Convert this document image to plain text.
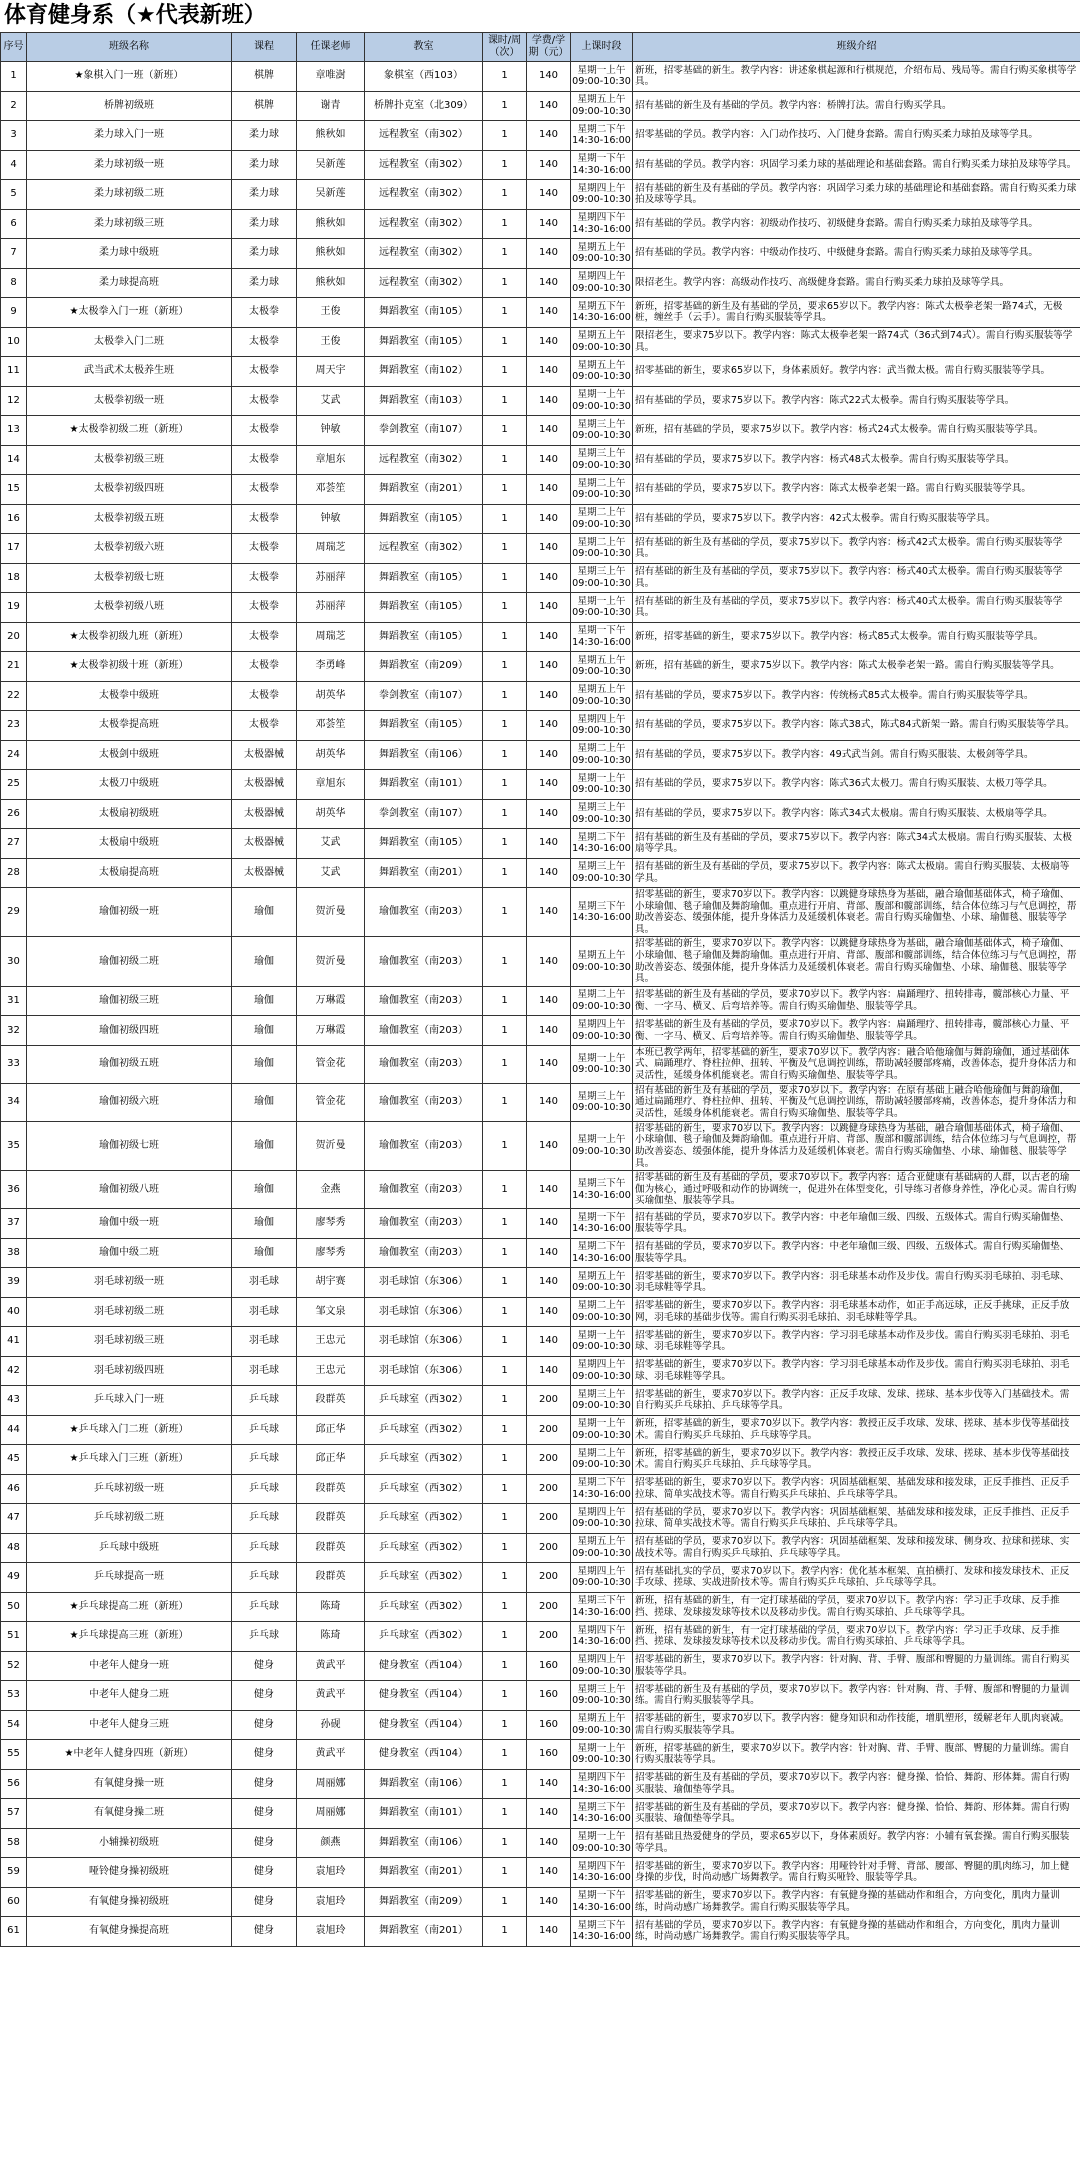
体育健身系（★代表新班）
序号	班级名称	课程	任课老师	教室	课时/周（次）	学费/学期（元）	上课时段	班级介绍
1	★象棋入门一班（新班）	棋牌	章唯澍	象棋室（西103）	1	140	星期一上午 09:00-10:30	新班，招零基础的新生。教学内容：讲述象棋起源和行棋规范，介绍布局、残局等。需自行购买象棋等学具。
2	桥牌初级班	棋牌	谢青	桥牌扑克室（北309）	1	140	星期五上午 09:00-10:30	招有基础的新生及有基础的学员。教学内容：桥牌打法。需自行购买学具。
3	柔力球入门一班	柔力球	熊秋如	远程教室（南302）	1	140	星期二下午 14:30-16:00	招零基础的学员。教学内容：入门动作技巧、入门健身套路。需自行购买柔力球拍及球等学具。
4	柔力球初级一班	柔力球	吴新莲	远程教室（南302）	1	140	星期一下午 14:30-16:00	招有基础的学员。教学内容：巩固学习柔力球的基础理论和基础套路。需自行购买柔力球拍及球等学具。
5	柔力球初级二班	柔力球	吴新莲	远程教室（南302）	1	140	星期四上午 09:00-10:30	招有基础的新生及有基础的学员。教学内容：巩固学习柔力球的基础理论和基础套路。需自行购买柔力球拍及球等学具。
6	柔力球初级三班	柔力球	熊秋如	远程教室（南302）	1	140	星期四下午 14:30-16:00	招有基础的学员。教学内容：初级动作技巧、初级健身套路。需自行购买柔力球拍及球等学具。
7	柔力球中级班	柔力球	熊秋如	远程教室（南302）	1	140	星期五上午 09:00-10:30	招有基础的学员。教学内容：中级动作技巧、中级健身套路。需自行购买柔力球拍及球等学具。
8	柔力球提高班	柔力球	熊秋如	远程教室（南302）	1	140	星期四上午 09:00-10:30	限招老生。教学内容：高级动作技巧、高级健身套路。需自行购买柔力球拍及球等学具。
9	★太极拳入门一班（新班）	太极拳	王俊	舞蹈教室（南105）	1	140	星期五下午 14:30-16:00	新班，招零基础的新生及有基础的学员，要求65岁以下。教学内容：陈式太极拳老架一路74式，无极桩，缠丝手（云手）。需自行购买服装等学具。
10	太极拳入门二班	太极拳	王俊	舞蹈教室（南105）	1	140	星期五上午 09:00-10:30	限招老生，要求75岁以下。教学内容：陈式太极拳老架一路74式（36式到74式）。需自行购买服装等学具。
11	武当武术太极养生班	太极拳	周天宇	舞蹈教室（南102）	1	140	星期五上午 09:00-10:30	招零基础的新生，要求65岁以下，身体素质好。教学内容：武当微太极。需自行购买服装等学具。
12	太极拳初级一班	太极拳	艾武	舞蹈教室（南103）	1	140	星期一上午 09:00-10:30	招有基础的学员，要求75岁以下。教学内容：陈式22式太极拳。需自行购买服装等学具。
13	★太极拳初级二班（新班）	太极拳	钟敏	拳剑教室（南107）	1	140	星期三上午 09:00-10:30	新班，招有基础的学员，要求75岁以下。教学内容：杨式24式太极拳。需自行购买服装等学具。
14	太极拳初级三班	太极拳	章旭东	远程教室（南302）	1	140	星期三上午 09:00-10:30	招有基础的学员，要求75岁以下。教学内容：杨式48式太极拳。需自行购买服装等学具。
15	太极拳初级四班	太极拳	邓荟笙	舞蹈教室（南201）	1	140	星期二上午 09:00-10:30	招有基础的学员，要求75岁以下。教学内容：陈式太极拳老架一路。需自行购买服装等学具。
16	太极拳初级五班	太极拳	钟敏	舞蹈教室（南105）	1	140	星期二上午 09:00-10:30	招有基础的学员，要求75岁以下。教学内容：42式太极拳。需自行购买服装等学具。
17	太极拳初级六班	太极拳	周瑞芝	远程教室（南302）	1	140	星期二上午 09:00-10:30	招有基础的新生及有基础的学员，要求75岁以下。教学内容：杨式42式太极拳。需自行购买服装等学具。
18	太极拳初级七班	太极拳	苏丽萍	舞蹈教室（南105）	1	140	星期三上午 09:00-10:30	招有基础的新生及有基础的学员，要求75岁以下。教学内容：杨式40式太极拳。需自行购买服装等学具。
19	太极拳初级八班	太极拳	苏丽萍	舞蹈教室（南105）	1	140	星期一上午 09:00-10:30	招有基础的新生及有基础的学员，要求75岁以下。教学内容：杨式40式太极拳。需自行购买服装等学具。
20	★太极拳初级九班（新班）	太极拳	周瑞芝	舞蹈教室（南105）	1	140	星期一下午 14:30-16:00	新班，招零基础的新生，要求75岁以下。教学内容：杨式85式太极拳。需自行购买服装等学具。
21	★太极拳初级十班（新班）	太极拳	李勇峰	舞蹈教室（南209）	1	140	星期五上午 09:00-10:30	新班，招有基础的新生，要求75岁以下。教学内容：陈式太极拳老架一路。需自行购买服装等学具。
22	太极拳中级班	太极拳	胡英华	拳剑教室（南107）	1	140	星期五上午 09:00-10:30	招有基础的学员，要求75岁以下。教学内容：传统杨式85式太极拳。需自行购买服装等学具。
23	太极拳提高班	太极拳	邓荟笙	舞蹈教室（南105）	1	140	星期四上午 09:00-10:30	招有基础的学员，要求75岁以下。教学内容：陈式38式，陈式84式新架一路。需自行购买服装等学具。
24	太极剑中级班	太极器械	胡英华	舞蹈教室（南106）	1	140	星期二上午 09:00-10:30	招有基础的学员，要求75岁以下。教学内容：49式武当剑。需自行购买服装、太极剑等学具。
25	太极刀中级班	太极器械	章旭东	舞蹈教室（南101）	1	140	星期一上午 09:00-10:30	招有基础的学员，要求75岁以下。教学内容：陈式36式太极刀。需自行购买服装、太极刀等学具。
26	太极扇初级班	太极器械	胡英华	拳剑教室（南107）	1	140	星期三上午 09:00-10:30	招有基础的学员，要求75岁以下。教学内容：陈式34式太极扇。需自行购买服装、太极扇等学具。
27	太极扇中级班	太极器械	艾武	舞蹈教室（南105）	1	140	星期二下午 14:30-16:00	招有基础的新生及有基础的学员，要求75岁以下。教学内容：陈式34式太极扇。需自行购买服装、太极扇等学具。
28	太极扇提高班	太极器械	艾武	舞蹈教室（南201）	1	140	星期三上午 09:00-10:30	招有基础的新生及有基础的学员，要求75岁以下。教学内容：陈式太极扇。需自行购买服装、太极扇等学具。
29	瑜伽初级一班	瑜伽	贺沂曼	瑜伽教室（南203）	1	140	星期三下午 14:30-16:00	招零基础的新生，要求70岁以下。教学内容：以跳健身球热身为基础，融合瑜伽基础体式，椅子瑜伽、小球瑜伽、毯子瑜伽及舞韵瑜伽。重点进行开肩、背部、腹部和髋部训练，结合体位练习与气息调控，帮助改善姿态、缓强体能，提升身体活力及延缓机体衰老。需自行购买瑜伽垫、小球、瑜伽毯、服装等学具。
30	瑜伽初级二班	瑜伽	贺沂曼	瑜伽教室（南203）	1	140	星期五上午 09:00-10:30	招零基础的新生，要求70岁以下。教学内容：以跳健身球热身为基础，融合瑜伽基础体式，椅子瑜伽、小球瑜伽、毯子瑜伽及舞韵瑜伽。重点进行开肩、背部、腹部和髋部训练，结合体位练习与气息调控，帮助改善姿态、缓强体能，提升身体活力及延缓机体衰老。需自行购买瑜伽垫、小球、瑜伽毯、服装等学具。
31	瑜伽初级三班	瑜伽	万琳霞	瑜伽教室（南203）	1	140	星期二上午 09:00-10:30	招零基础的新生及有基础的学员，要求70岁以下。教学内容：扁踊理疗、扭转排毒，髋部核心力量、平衡、一字马、横叉、后弯培养等。需自行购买瑜伽垫、服装等学具。
32	瑜伽初级四班	瑜伽	万琳霞	瑜伽教室（南203）	1	140	星期四上午 09:00-10:30	招零基础的新生及有基础的学员，要求70岁以下。教学内容：扁踊理疗、扭转排毒，髋部核心力量、平衡、一字马、横叉、后弯培养等。需自行购买瑜伽垫、服装等学具。
33	瑜伽初级五班	瑜伽	管金花	瑜伽教室（南203）	1	140	星期一上午 09:00-10:30	本班已教学两年，招零基础的新生，要求70岁以下。教学内容：融合哈他瑜伽与舞韵瑜伽，通过基础体式、扁踊理疗、脊柱拉伸、扭转、平衡及气息调控训练，帮助减轻腰部疼痛，改善体态，提升身体活力和灵活性，延缓身体机能衰老。需自行购买瑜伽垫、服装等学具。
34	瑜伽初级六班	瑜伽	管金花	瑜伽教室（南203）	1	140	星期三上午 09:00-10:30	招有基础的新生及有基础的学员，要求70岁以下。教学内容：在原有基础上融合哈他瑜伽与舞韵瑜伽，通过扁踊理疗、脊柱拉伸、扭转、平衡及气息调控训练，帮助减轻腰部疼痛，改善体态，提升身体活力和灵活性，延缓身体机能衰老。需自行购买瑜伽垫、服装等学具。
35	瑜伽初级七班	瑜伽	贺沂曼	瑜伽教室（南203）	1	140	星期一上午 09:00-10:30	招零基础的新生，要求70岁以下。教学内容：以跳健身球热身为基础，融合瑜伽基础体式，椅子瑜伽、小球瑜伽、毯子瑜伽及舞韵瑜伽。重点进行开肩、背部、腹部和髋部训练，结合体位练习与气息调控，帮助改善姿态、缓强体能，提升身体活力及延缓机体衰老。需自行购买瑜伽垫、小球、瑜伽毯、服装等学具。
36	瑜伽初级八班	瑜伽	金燕	瑜伽教室（南203）	1	140	星期三下午 14:30-16:00	招零基础的新生及有基础的学员，要求70岁以下。教学内容：适合亚健康有基础病的人群，以古老的瑜伽为核心，通过呼吸和动作的协调统一，促进外在体型变化，引导练习者修身养性，净化心灵。需自行购买瑜伽垫、服装等学具。
37	瑜伽中级一班	瑜伽	廖琴秀	瑜伽教室（南203）	1	140	星期一下午 14:30-16:00	招有基础的学员，要求70岁以下。教学内容：中老年瑜伽三级、四级、五级体式。需自行购买瑜伽垫、服装等学具。
38	瑜伽中级二班	瑜伽	廖琴秀	瑜伽教室（南203）	1	140	星期二下午 14:30-16:00	招有基础的学员，要求70岁以下。教学内容：中老年瑜伽三级、四级、五级体式。需自行购买瑜伽垫、服装等学具。
39	羽毛球初级一班	羽毛球	胡宇赛	羽毛球馆（东306）	1	140	星期五上午 09:00-10:30	招零基础的新生，要求70岁以下。教学内容：羽毛球基本动作及步伐。需自行购买羽毛球拍、羽毛球、羽毛球鞋等学具。
40	羽毛球初级二班	羽毛球	邹文泉	羽毛球馆（东306）	1	140	星期二上午 09:00-10:30	招零基础的新生，要求70岁以下。教学内容：羽毛球基本动作，如正手高远球，正反手挑球，正反手放网，羽毛球的基础步伐等。需自行购买羽毛球拍、羽毛球鞋等学具。
41	羽毛球初级三班	羽毛球	王忠元	羽毛球馆（东306）	1	140	星期一上午 09:00-10:30	招零基础的新生，要求70岁以下。教学内容：学习羽毛球基本动作及步伐。需自行购买羽毛球拍、羽毛球、羽毛球鞋等学具。
42	羽毛球初级四班	羽毛球	王忠元	羽毛球馆（东306）	1	140	星期四上午 09:00-10:30	招零基础的新生，要求70岁以下。教学内容：学习羽毛球基本动作及步伐。需自行购买羽毛球拍、羽毛球、羽毛球鞋等学具。
43	乒乓球入门一班	乒乓球	段群英	乒乓球室（西302）	1	200	星期三上午 09:00-10:30	招零基础的新生，要求70岁以下。教学内容：正反手攻球、发球、搓球、基本步伐等入门基础技术。需自行购买乒乓球拍、乒乓球等学具。
44	★乒乓球入门二班（新班）	乒乓球	邱正华	乒乓球室（西302）	1	200	星期一上午 09:00-10:30	新班，招零基础的新生，要求70岁以下。教学内容：教授正反手攻球、发球、搓球、基本步伐等基础技术。需自行购买乒乓球拍、乒乓球等学具。
45	★乒乓球入门三班（新班）	乒乓球	邱正华	乒乓球室（西302）	1	200	星期二上午 09:00-10:30	新班，招零基础的新生，要求70岁以下。教学内容：教授正反手攻球、发球、搓球、基本步伐等基础技术。需自行购买乒乓球拍、乒乓球等学具。
46	乒乓球初级一班	乒乓球	段群英	乒乓球室（西302）	1	200	星期二下午 14:30-16:00	招零基础的新生，要求70岁以下。教学内容：巩固基础框架、基础发球和接发球，正反手推挡、正反手拉球、简单实战技术等。需自行购买乒乓球拍、乒乓球等学具。
47	乒乓球初级二班	乒乓球	段群英	乒乓球室（西302）	1	200	星期四上午 09:00-10:30	招有基础的学员，要求70岁以下。教学内容：巩固基础框架、基础发球和接发球，正反手推挡、正反手拉球、简单实战技术等。需自行购买乒乓球拍、乒乓球等学具。
48	乒乓球中级班	乒乓球	段群英	乒乓球室（西302）	1	200	星期五上午 09:00-10:30	招有基础的学员，要求70岁以下。教学内容：巩固基础框架、发球和接发球、侧身攻、拉球和搓球、实战技术等。需自行购买乒乓球拍、乒乓球等学具。
49	乒乓球提高一班	乒乓球	段群英	乒乓球室（西302）	1	200	星期四上午 09:00-10:30	招有基础扎实的学员，要求70岁以下。教学内容：优化基本框架、直拍横打、发球和接发球技术、正反手攻球、搓球、实战进阶技术等。需自行购买乒乓球拍、乒乓球等学具。
50	★乒乓球提高二班（新班）	乒乓球	陈琦	乒乓球室（西302）	1	200	星期三下午 14:30-16:00	新班，招有基础的新生，有一定打球基础的学员，要求70岁以下。教学内容：学习正手攻球、反手推挡、搓球、发球接发球等技术以及移动步伐。需自行购买球拍、乒乓球等学具。
51	★乒乓球提高三班（新班）	乒乓球	陈琦	乒乓球室（西302）	1	200	星期四下午 14:30-16:00	新班，招有基础的新生，有一定打球基础的学员，要求70岁以下。教学内容：学习正手攻球、反手推挡、搓球、发球接发球等技术以及移动步伐。需自行购买球拍、乒乓球等学具。
52	中老年人健身一班	健身	黄武平	健身教室（西104）	1	160	星期四上午 09:00-10:30	招零基础的新生，要求70岁以下。教学内容：针对胸、背、手臂、腹部和臀腿的力量训练。需自行购买服装等学具。
53	中老年人健身二班	健身	黄武平	健身教室（西104）	1	160	星期三上午 09:00-10:30	招零基础的新生及有基础的学员，要求70岁以下。教学内容：针对胸、背、手臂、腹部和臀腿的力量训练。需自行购买服装等学具。
54	中老年人健身三班	健身	孙砚	健身教室（西104）	1	160	星期五上午 09:00-10:30	招零基础的新生，要求70岁以下。教学内容：健身知识和动作技能，增肌塑形，缓解老年人肌肉衰减。需自行购买服装等学具。
55	★中老年人健身四班（新班）	健身	黄武平	健身教室（西104）	1	160	星期一上午 09:00-10:30	新班，招零基础的新生，要求70岁以下。教学内容：针对胸、背、手臂、腹部、臀腿的力量训练。需自行购买服装等学具。
56	有氧健身操一班	健身	周丽娜	舞蹈教室（南106）	1	140	星期四下午 14:30-16:00	招零基础的新生及有基础的学员，要求70岁以下。教学内容：健身操、恰恰、舞韵、形体舞。需自行购买服装、瑜伽垫等学具。
57	有氧健身操二班	健身	周丽娜	舞蹈教室（南101）	1	140	星期三下午 14:30-16:00	招零基础的新生及有基础的学员，要求70岁以下。教学内容：健身操、恰恰、舞韵、形体舞。需自行购买服装、瑜伽垫等学具。
58	小辅操初级班	健身	颜燕	舞蹈教室（南106）	1	140	星期一上午 09:00-10:30	招有基础且热爱健身的学员，要求65岁以下，身体素质好。教学内容：小辅有氧套操。需自行购买服装等学具。
59	哑铃健身操初级班	健身	袁旭玲	舞蹈教室（南201）	1	140	星期四下午 14:30-16:00	招零基础的新生，要求70岁以下。教学内容：用哑铃针对手臂、背部、腰部、臀腿的肌肉练习，加上健身操的步伐，时尚动感广场舞教学。需自行购买哑铃、服装等学具。
60	有氧健身操初级班	健身	袁旭玲	舞蹈教室（南209）	1	140	星期一下午 14:30-16:00	招零基础的新生，要求70岁以下。教学内容：有氧健身操的基础动作和组合，方向变化，肌肉力量训练，时尚动感广场舞教学。需自行购买服装等学具。
61	有氧健身操提高班	健身	袁旭玲	舞蹈教室（南201）	1	140	星期三下午 14:30-16:00	招有基础的学员，要求70岁以下。教学内容：有氧健身操的基础动作和组合，方向变化，肌肉力量训练，时尚动感广场舞教学。需自行购买服装等学具。
